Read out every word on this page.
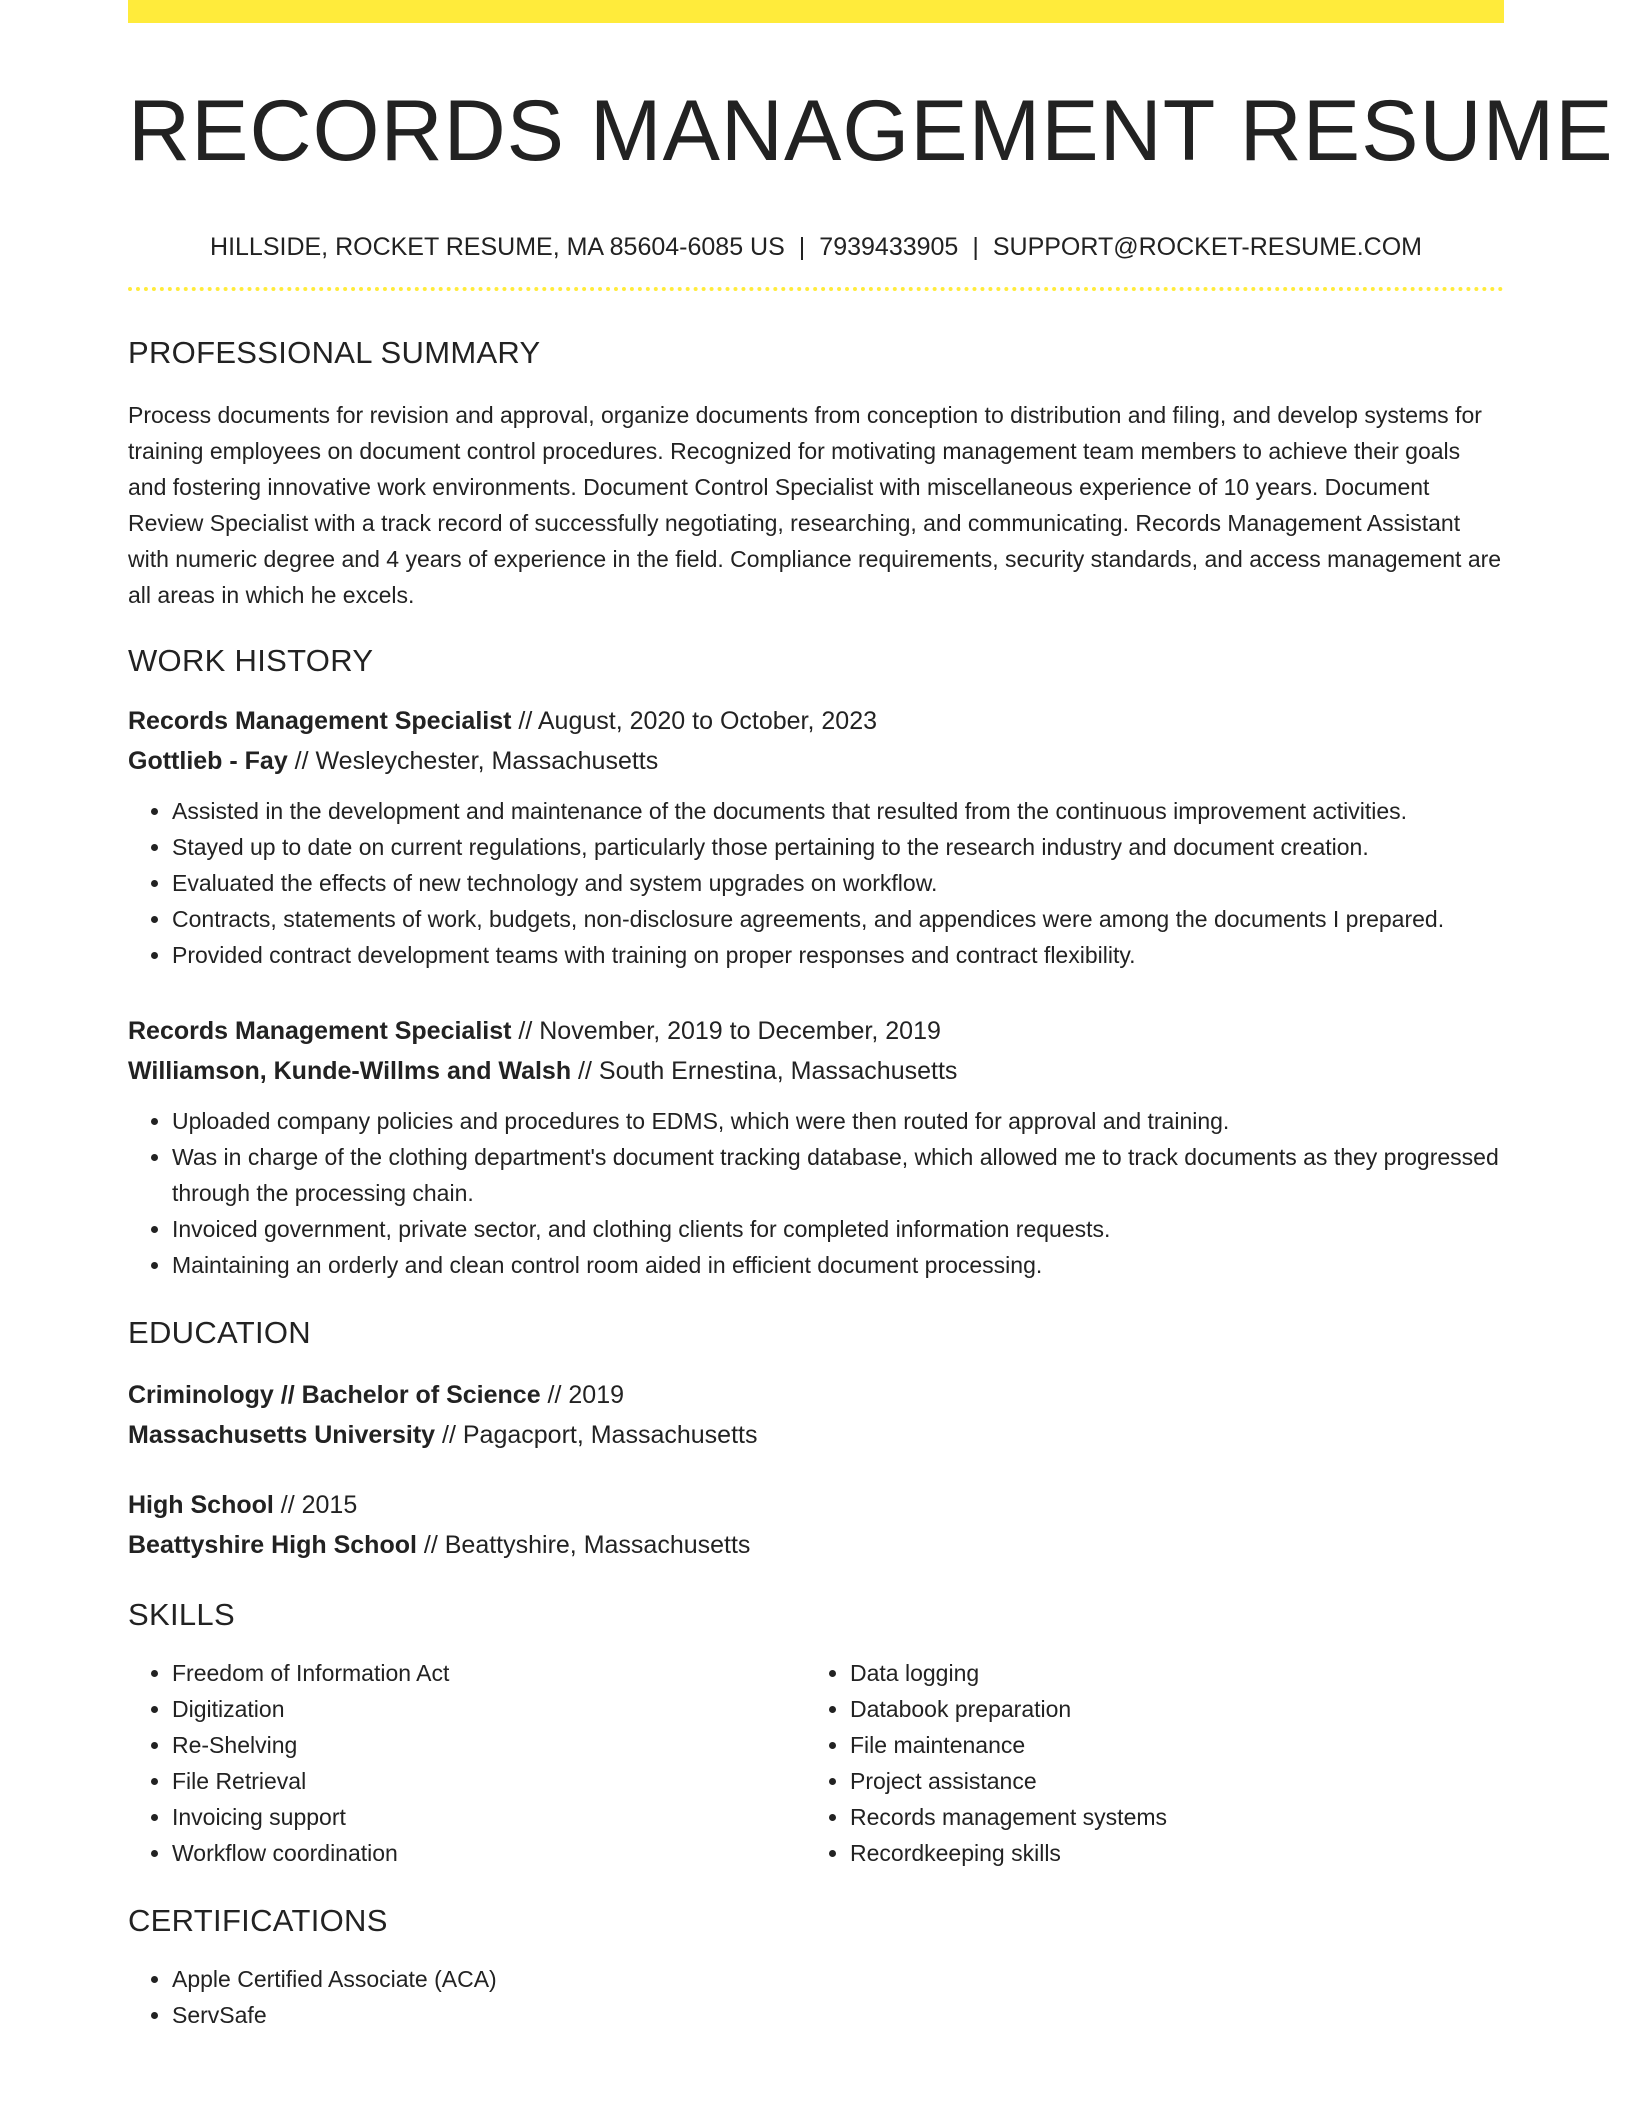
RECORDS MANAGEMENT RESUME
HILLSIDE, ROCKET RESUME, MA 85604-6085 US | 7939433905 | SUPPORT@ROCKET-RESUME.COM
PROFESSIONAL SUMMARY
Process documents for revision and approval, organize documents from conception to distribution and filing, and develop systems for training employees on document control procedures. Recognized for motivating management team members to achieve their goals and fostering innovative work environments. Document Control Specialist with miscellaneous experience of 10 years. Document Review Specialist with a track record of successfully negotiating, researching, and communicating. Records Management Assistant with numeric degree and 4 years of experience in the field. Compliance requirements, security standards, and access management are all areas in which he excels.
WORK HISTORY
Records Management Specialist // August, 2020 to October, 2023
Gottlieb - Fay // Wesleychester, Massachusetts
• Assisted in the development and maintenance of the documents that resulted from the continuous improvement activities.
• Stayed up to date on current regulations, particularly those pertaining to the research industry and document creation.
• Evaluated the effects of new technology and system upgrades on workflow.
• Contracts, statements of work, budgets, non-disclosure agreements, and appendices were among the documents I prepared.
• Provided contract development teams with training on proper responses and contract flexibility.
Records Management Specialist // November, 2019 to December, 2019
Williamson, Kunde-Willms and Walsh // South Ernestina, Massachusetts
• Uploaded company policies and procedures to EDMS, which were then routed for approval and training.
• Was in charge of the clothing department's document tracking database, which allowed me to track documents as they progressed through the processing chain.
• Invoiced government, private sector, and clothing clients for completed information requests.
• Maintaining an orderly and clean control room aided in efficient document processing.
EDUCATION
Criminology // Bachelor of Science // 2019
Massachusetts University // Pagacport, Massachusetts
High School // 2015
Beattyshire High School // Beattyshire, Massachusetts
SKILLS
• Freedom of Information Act
• Digitization
• Re-Shelving
• File Retrieval
• Invoicing support
• Workflow coordination
• Data logging
• Databook preparation
• File maintenance
• Project assistance
• Records management systems
• Recordkeeping skills
CERTIFICATIONS
• Apple Certified Associate (ACA)
• ServSafe
